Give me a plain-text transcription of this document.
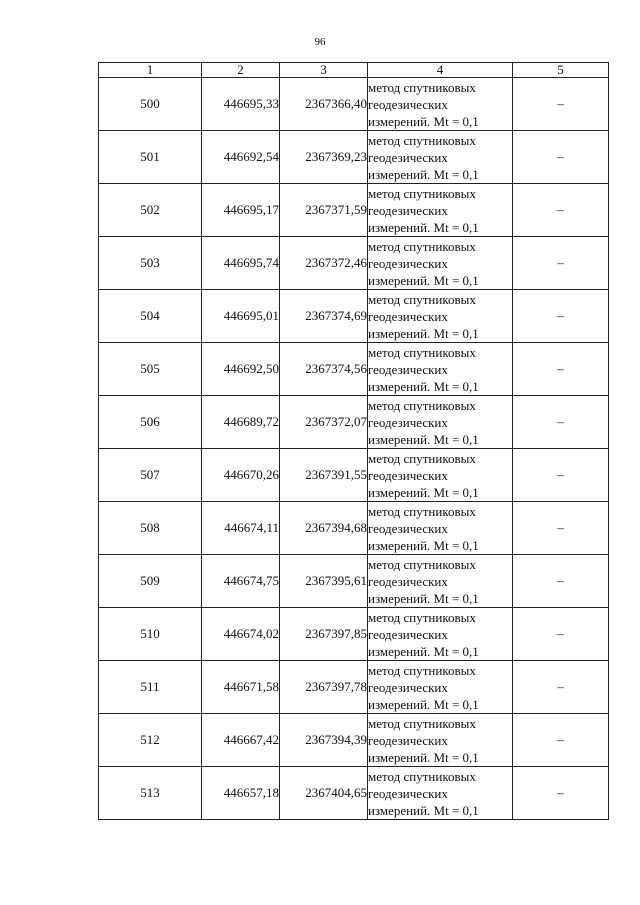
96
1	2	3	4	5
500	446695,33	2367366,40	метод спутниковых
геодезических
измерений. Mt = 0,1	–
501	446692,54	2367369,23	метод спутниковых
геодезических
измерений. Mt = 0,1	–
502	446695,17	2367371,59	метод спутниковых
геодезических
измерений. Mt = 0,1	–
503	446695,74	2367372,46	метод спутниковых
геодезических
измерений. Mt = 0,1	–
504	446695,01	2367374,69	метод спутниковых
геодезических
измерений. Mt = 0,1	–
505	446692,50	2367374,56	метод спутниковых
геодезических
измерений. Mt = 0,1	–
506	446689,72	2367372,07	метод спутниковых
геодезических
измерений. Mt = 0,1	–
507	446670,26	2367391,55	метод спутниковых
геодезических
измерений. Mt = 0,1	–
508	446674,11	2367394,68	метод спутниковых
геодезических
измерений. Mt = 0,1	–
509	446674,75	2367395,61	метод спутниковых
геодезических
измерений. Mt = 0,1	–
510	446674,02	2367397,85	метод спутниковых
геодезических
измерений. Mt = 0,1	–
511	446671,58	2367397,78	метод спутниковых
геодезических
измерений. Mt = 0,1	–
512	446667,42	2367394,39	метод спутниковых
геодезических
измерений. Mt = 0,1	–
513	446657,18	2367404,65	метод спутниковых
геодезических
измерений. Mt = 0,1	–
